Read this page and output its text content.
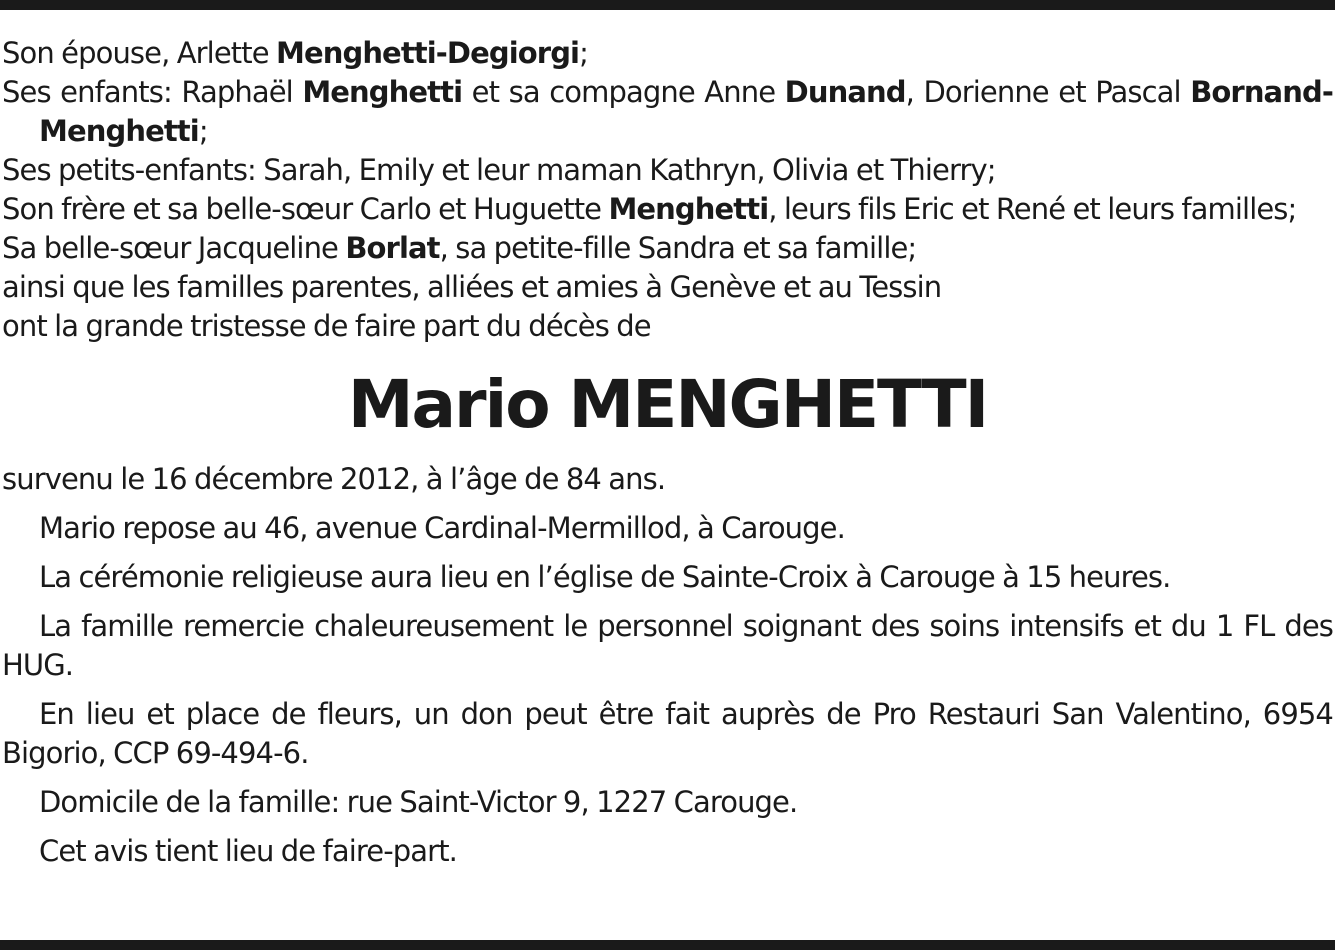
Son épouse, Arlette Menghetti-Degiorgi;

Ses enfants: Raphaël Menghetti et sa compagne Anne Dunand, Dorienne et Pascal Bornand-Menghetti;

Ses petits-enfants: Sarah, Emily et leur maman Kathryn, Olivia et Thierry;

Son frère et sa belle-sœur Carlo et Huguette Menghetti, leurs fils Eric et René et leurs familles;

Sa belle-sœur Jacqueline Borlat, sa petite-fille Sandra et sa famille;

ainsi que les familles parentes, alliées et amies à Genève et au Tessin

ont la grande tristesse de faire part du décès de

Mario MENGHETTI

survenu le 16 décembre 2012, à l’âge de 84 ans.

Mario repose au 46, avenue Cardinal-Mermillod, à Carouge.

La cérémonie religieuse aura lieu en l’église de Sainte-Croix à Carouge à 15 heures.

La famille remercie chaleureusement le personnel soignant des soins intensifs et du 1 FL des HUG.

En lieu et place de fleurs, un don peut être fait auprès de Pro Restauri San Valentino, 6954 Bigorio, CCP 69-494-6.

Domicile de la famille: rue Saint-Victor 9, 1227 Carouge.

Cet avis tient lieu de faire-part.
